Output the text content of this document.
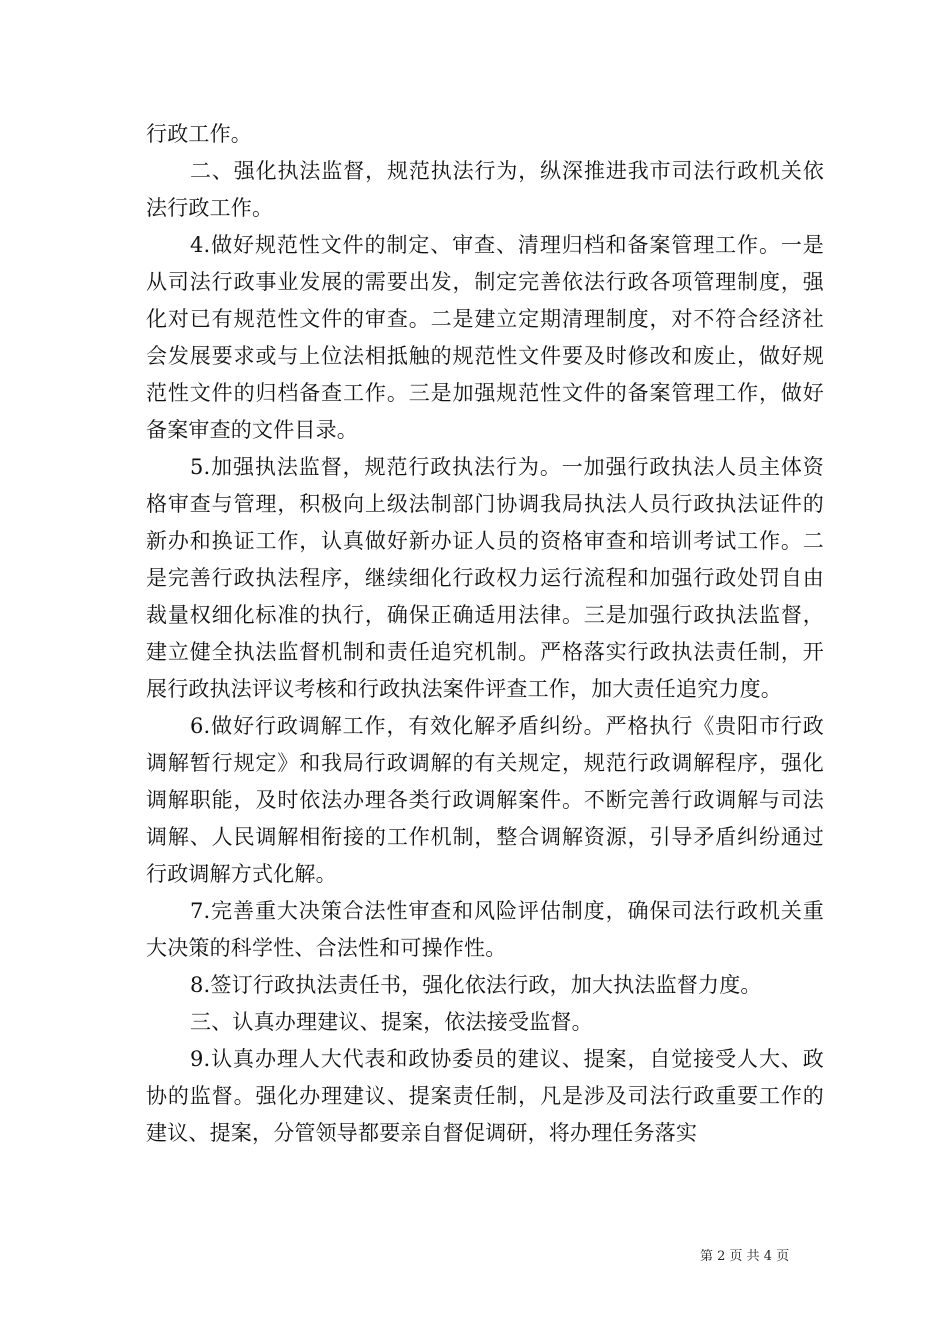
行政工作。

二、强化执法监督，规范执法行为，纵深推进我市司法行政机关依法行政工作。

4.做好规范性文件的制定、审查、清理归档和备案管理工作。一是从司法行政事业发展的需要出发，制定完善依法行政各项管理制度，强化对已有规范性文件的审查。二是建立定期清理制度，对不符合经济社会发展要求或与上位法相抵触的规范性文件要及时修改和废止，做好规范性文件的归档备查工作。三是加强规范性文件的备案管理工作，做好备案审查的文件目录。

5.加强执法监督，规范行政执法行为。一加强行政执法人员主体资格审查与管理，积极向上级法制部门协调我局执法人员行政执法证件的新办和换证工作，认真做好新办证人员的资格审查和培训考试工作。二是完善行政执法程序，继续细化行政权力运行流程和加强行政处罚自由裁量权细化标准的执行，确保正确适用法律。三是加强行政执法监督，建立健全执法监督机制和责任追究机制。严格落实行政执法责任制，开展行政执法评议考核和行政执法案件评查工作，加大责任追究力度。

6.做好行政调解工作，有效化解矛盾纠纷。严格执行《贵阳市行政调解暂行规定》和我局行政调解的有关规定，规范行政调解程序，强化调解职能，及时依法办理各类行政调解案件。不断完善行政调解与司法调解、人民调解相衔接的工作机制，整合调解资源，引导矛盾纠纷通过行政调解方式化解。

7.完善重大决策合法性审查和风险评估制度，确保司法行政机关重大决策的科学性、合法性和可操作性。

8.签订行政执法责任书，强化依法行政，加大执法监督力度。

三、认真办理建议、提案，依法接受监督。

9.认真办理人大代表和政协委员的建议、提案，自觉接受人大、政协的监督。强化办理建议、提案责任制，凡是涉及司法行政重要工作的建议、提案，分管领导都要亲自督促调研，将办理任务落实

第 2 页 共 4 页
